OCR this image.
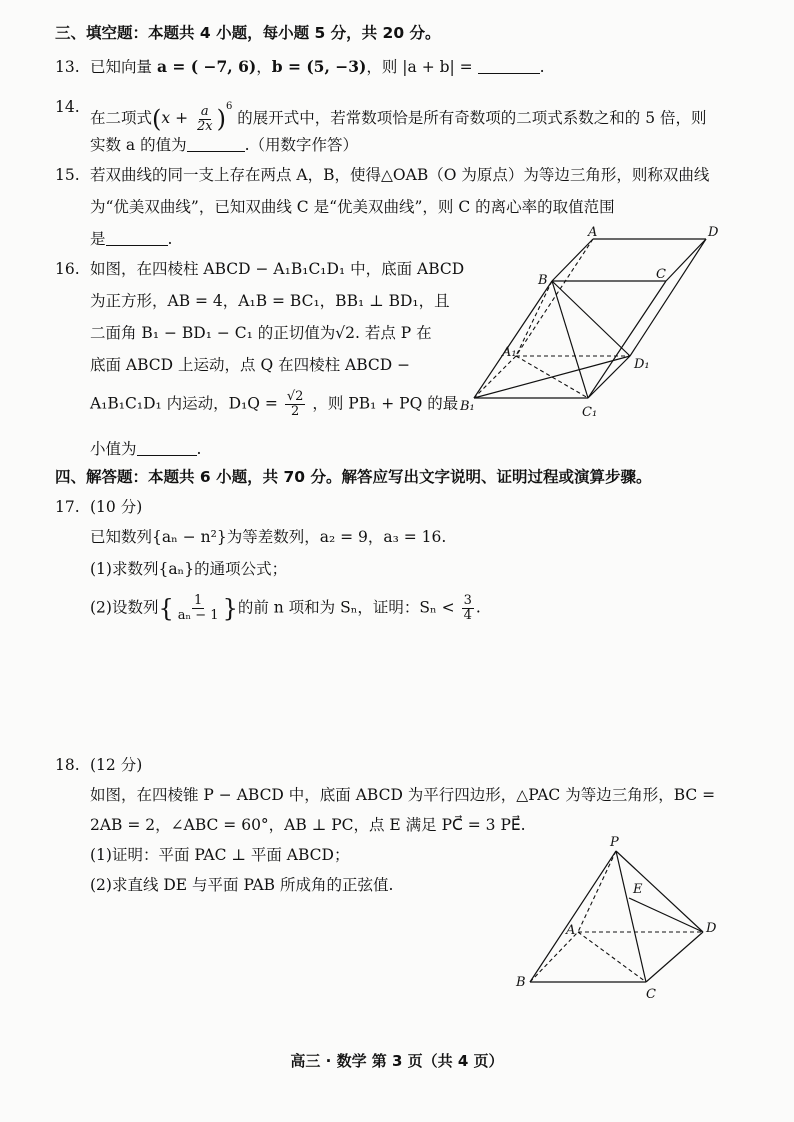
三、填空题：本题共 4 小题，每小题 5 分，共 20 分。
13. 已知向量 a = ( −7, 6)，b = (5, −3)，则 |a + b| =	.
14.
在二项式$(x + \frac{a}{2x} )^6$ 的展开式中，若常数项恰是所有奇数项的二项式系数之和的 5 倍，则
实数 a 的值为	.（用数字作答）
15. 若双曲线的同一支上存在两点 A，B，使得△OAB（O 为原点）为等边三角形，则称双曲线
为“优美双曲线”，已知双曲线 C 是“优美双曲线”，则 C 的离心率的取值范围
是	.
16. 如图，在四棱柱 ABCD − A₁B₁C₁D₁ 中，底面 ABCD
为正方形，AB = 4，A₁B = BC₁，BB₁ ⊥ BD₁，且
二面角 B₁ − BD₁ − C₁ 的正切值为√2. 若点 P 在
底面 ABCD 上运动，点 Q 在四棱柱 ABCD −
A₁B₁C₁D₁ 内运动，$D_1Q = \frac{√2}{2}$ ，则 PB₁ + PQ 的最
小值为	.
A	D
B	C
A₁
D₁
B₁	C₁
四、解答题：本题共 6 小题，共 70 分。解答应写出文字说明、证明过程或演算步骤。
17. (10 分)
已知数列{aₙ − n²}为等差数列，a₂ = 9，a₃ = 16.
(1)求数列{aₙ}的通项公式；
(2)设数列{ $\frac{1}{\text{aₙ − 1}}$ }的前 n 项和为 Sₙ，证明：$S_n < \frac{3}{4}$ .
18. (12 分)
如图，在四棱锥 P − ABCD 中，底面 ABCD 为平行四边形，△PAC 为等边三角形，BC =
2AB = 2，∠ABC = 60°，AB ⊥ PC，点 E 满足 PC⃗ = 3 PE⃗.
(1)证明：平面 PAC ⊥ 平面 ABCD；
(2)求直线 DE 与平面 PAB 所成角的正弦值.
P
E
A	D
B
C
高三 · 数学 第 3 页（共 4 页）
